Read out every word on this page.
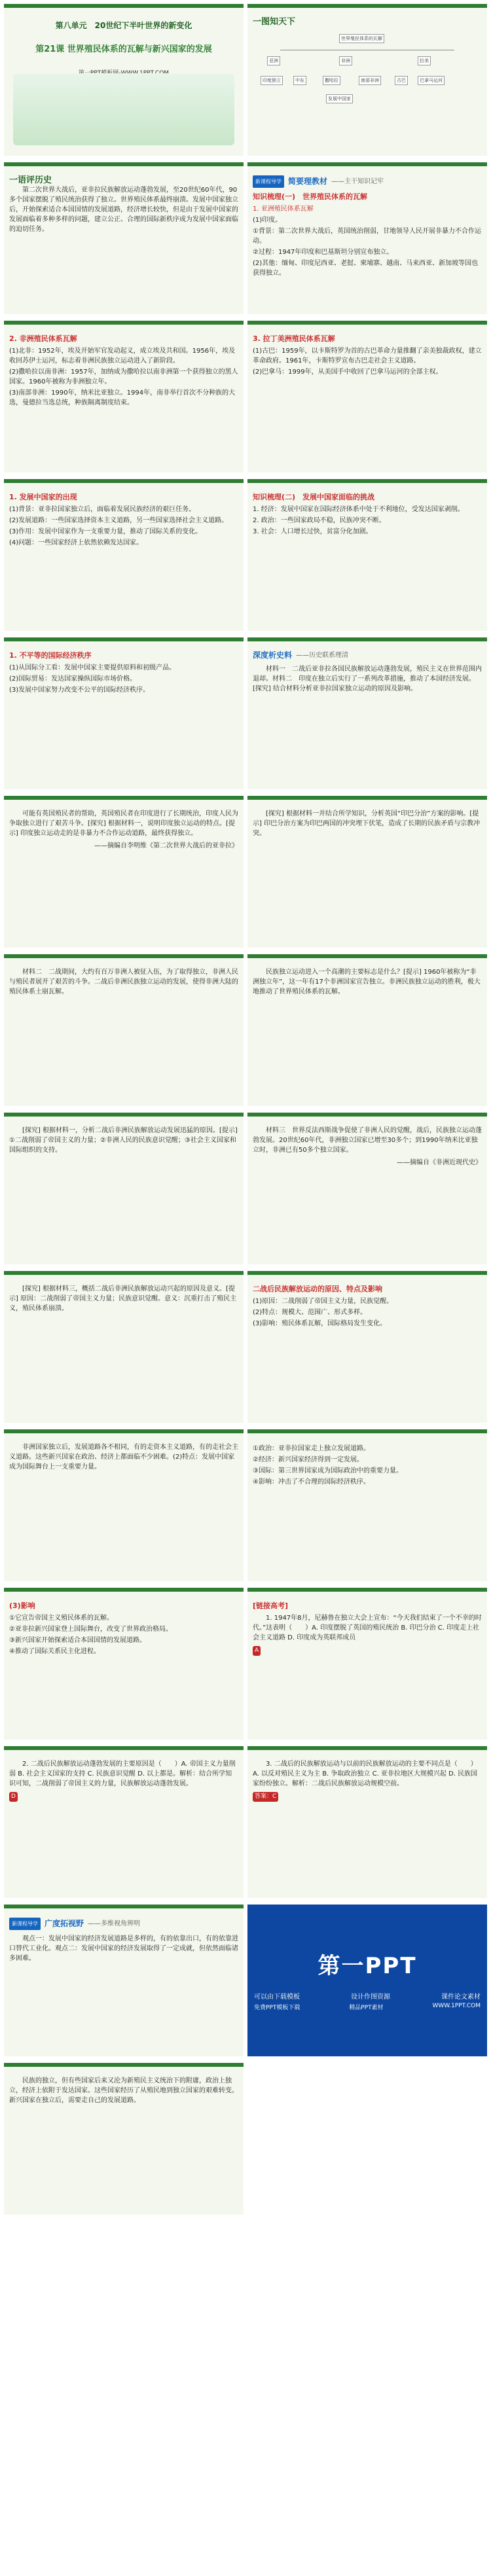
第八单元　20世纪下半叶世界的新变化
第21课 世界殖民体系的瓦解与新兴国家的发展
一图知天下
世界殖民体系的瓦解
亚洲	非洲	拉美
印度独立	中东	撒哈拉	南部非洲	古巴	巴拿马运河
发展中国家
一语评历史

第二次世界大战后，亚非拉民族解放运动蓬勃发展，至20世纪60年代，90多个国家摆脱了殖民统治获得了独立。世界殖民体系最终崩溃。发展中国家独立后，开始探索适合本国国情的发展道路，经济增长较快，但是由于发展中国家的发展面临着多种多样的问题，建立公正、合理的国际新秩序成为发展中国家面临的迫切任务。

新课程导学 简要理教材 ——主干知识记牢
知识梳理(一)　世界殖民体系的瓦解
1. 亚洲殖民体系瓦解
(1)印度。
①背景：第二次世界大战后，英国统治削弱，甘地领导人民开展非暴力不合作运动。
②过程：1947年印度和巴基斯坦分别宣布独立。
(2)其他：缅甸、印度尼西亚、老挝、柬埔寨、越南、马来西亚、新加坡等国也获得独立。
2. 非洲殖民体系瓦解
(1)北非：1952年，埃及开始军官发动起义，成立埃及共和国。1956年，埃及收回苏伊士运河，标志着非洲民族独立运动进入了新阶段。
(2)撒哈拉以南非洲：1957年，加纳成为撒哈拉以南非洲第一个获得独立的黑人国家。1960年被称为非洲独立年。
(3)南部非洲：1990年，纳米比亚独立。1994年，南非举行首次不分种族的大选，曼德拉当选总统，种族隔离制度结束。
3. 拉丁美洲殖民体系瓦解
(1)古巴：1959年，以卡斯特罗为首的古巴革命力量推翻了亲美独裁政权，建立革命政府。1961年，卡斯特罗宣布古巴走社会主义道路。
(2)巴拿马：1999年，从美国手中收回了巴拿马运河的全部主权。
1. 发展中国家的出现
(1)背景：亚非拉国家独立后，面临着发展民族经济的艰巨任务。
(2)发展道路：一些国家选择资本主义道路，另一些国家选择社会主义道路。
(3)作用：发展中国家作为一支重要力量，推动了国际关系的变化。
(4)问题：一些国家经济上依然依赖发达国家。
知识梳理(二)　发展中国家面临的挑战
1. 经济：发展中国家在国际经济体系中处于不利地位，受发达国家剥削。
2. 政治：一些国家政局不稳，民族冲突不断。
3. 社会：人口增长过快，贫富分化加剧。
1. 不平等的国际经济秩序
(1)从国际分工看：发展中国家主要提供原料和初级产品。
(2)国际贸易：发达国家操纵国际市场价格。
(3)发展中国家努力改变不公平的国际经济秩序。
深度析史料 ——历史联系理清

材料一　二战后亚非拉各国民族解放运动蓬勃发展，殖民主义在世界范围内退却。材料二　印度在独立后实行了一系列改革措施，推动了本国经济发展。[探究] 结合材料分析亚非拉国家独立运动的原因及影响。

可能有英国殖民者的帮助，英国殖民者在印度进行了长期统治，印度人民为争取独立进行了艰苦斗争。[探究] 根据材料一，说明印度独立运动的特点。[提示] 印度独立运动走的是非暴力不合作运动道路，最终获得独立。

——摘编自李明维《第二次世界大战后的亚非拉》

[探究] 根据材料一并结合所学知识，分析英国“印巴分治”方案的影响。[提示] 印巴分治方案为印巴两国的冲突埋下伏笔，造成了长期的民族矛盾与宗教冲突。

材料二　二战期间，大约有百万非洲人被征入伍，为了取得独立，非洲人民与殖民者展开了艰苦的斗争。二战后非洲民族独立运动的发展，使得非洲大陆的殖民体系土崩瓦解。

民族独立运动进入一个高潮的主要标志是什么？[提示] 1960年被称为“非洲独立年”，这一年有17个非洲国家宣告独立。非洲民族独立运动的胜利，极大地推动了世界殖民体系的瓦解。

[探究] 根据材料一，分析二战后非洲民族解放运动发展迅猛的原因。[提示] ①二战削弱了帝国主义的力量；②非洲人民的民族意识觉醒；③社会主义国家和国际组织的支持。

材料三　世界反法西斯战争促使了非洲人民的觉醒，战后，民族独立运动蓬勃发展。20世纪60年代，非洲独立国家已增至30多个；到1990年纳米比亚独立时，非洲已有50多个独立国家。

——摘编自《非洲近现代史》

[探究] 根据材料三，概括二战后非洲民族解放运动兴起的原因及意义。[提示] 原因：二战削弱了帝国主义力量；民族意识觉醒。意义：沉重打击了殖民主义，殖民体系崩溃。

二战后民族解放运动的原因、特点及影响
(1)原因：二战削弱了帝国主义力量，民族觉醒。
(2)特点：规模大、范围广、形式多样。
(3)影响：殖民体系瓦解，国际格局发生变化。

非洲国家独立后，发展道路各不相同，有的走资本主义道路，有的走社会主义道路。这些新兴国家在政治、经济上都面临不少困难。(2)特点：发展中国家成为国际舞台上一支重要力量。

①政治：亚非拉国家走上独立发展道路。
②经济：新兴国家经济得到一定发展。
③国际：第三世界国家成为国际政治中的重要力量。
④影响：冲击了不合理的国际经济秩序。
(3)影响
①它宣告帝国主义殖民体系的瓦解。
②亚非拉新兴国家登上国际舞台，改变了世界政治格局。
③新兴国家开始探索适合本国国情的发展道路。
④推动了国际关系民主化进程。
[链接高考]

1. 1947年8月，尼赫鲁在独立大会上宣布：“今天我们结束了一个不幸的时代。”这表明（　　）A. 印度摆脱了英国的殖民统治 B. 印巴分治 C. 印度走上社会主义道路 D. 印度成为英联邦成员

A

2. 二战后民族解放运动蓬勃发展的主要原因是（　　）A. 帝国主义力量削弱 B. 社会主义国家的支持 C. 民族意识觉醒 D. 以上都是。解析：结合所学知识可知，二战削弱了帝国主义的力量，民族解放运动蓬勃发展。

D

3. 二战后的民族解放运动与以前的民族解放运动的主要不同点是（　　）A. 以反对殖民主义为主 B. 争取政治独立 C. 亚非拉地区大规模兴起 D. 民族国家纷纷独立。解析：二战后民族解放运动规模空前。

答案：C
新课程导学 广度拓视野 ——多维视角辨明

观点一：发展中国家的经济发展道路是多样的，有的依靠出口，有的依靠进口替代工业化。观点二：发展中国家的经济发展取得了一定成就，但依然面临诸多困难。	第一PPT
可以由下载模板	设计作图资源	课件论文素材
免费PPT模板下载	精品PPT素材	WWW.1PPT.COM

民族的独立，但有些国家后来又沦为新殖民主义统治下的附庸，政治上独立，经济上依附于发达国家。这些国家经历了从殖民地到独立国家的艰难转变。新兴国家在独立后，需要走自己的发展道路。
